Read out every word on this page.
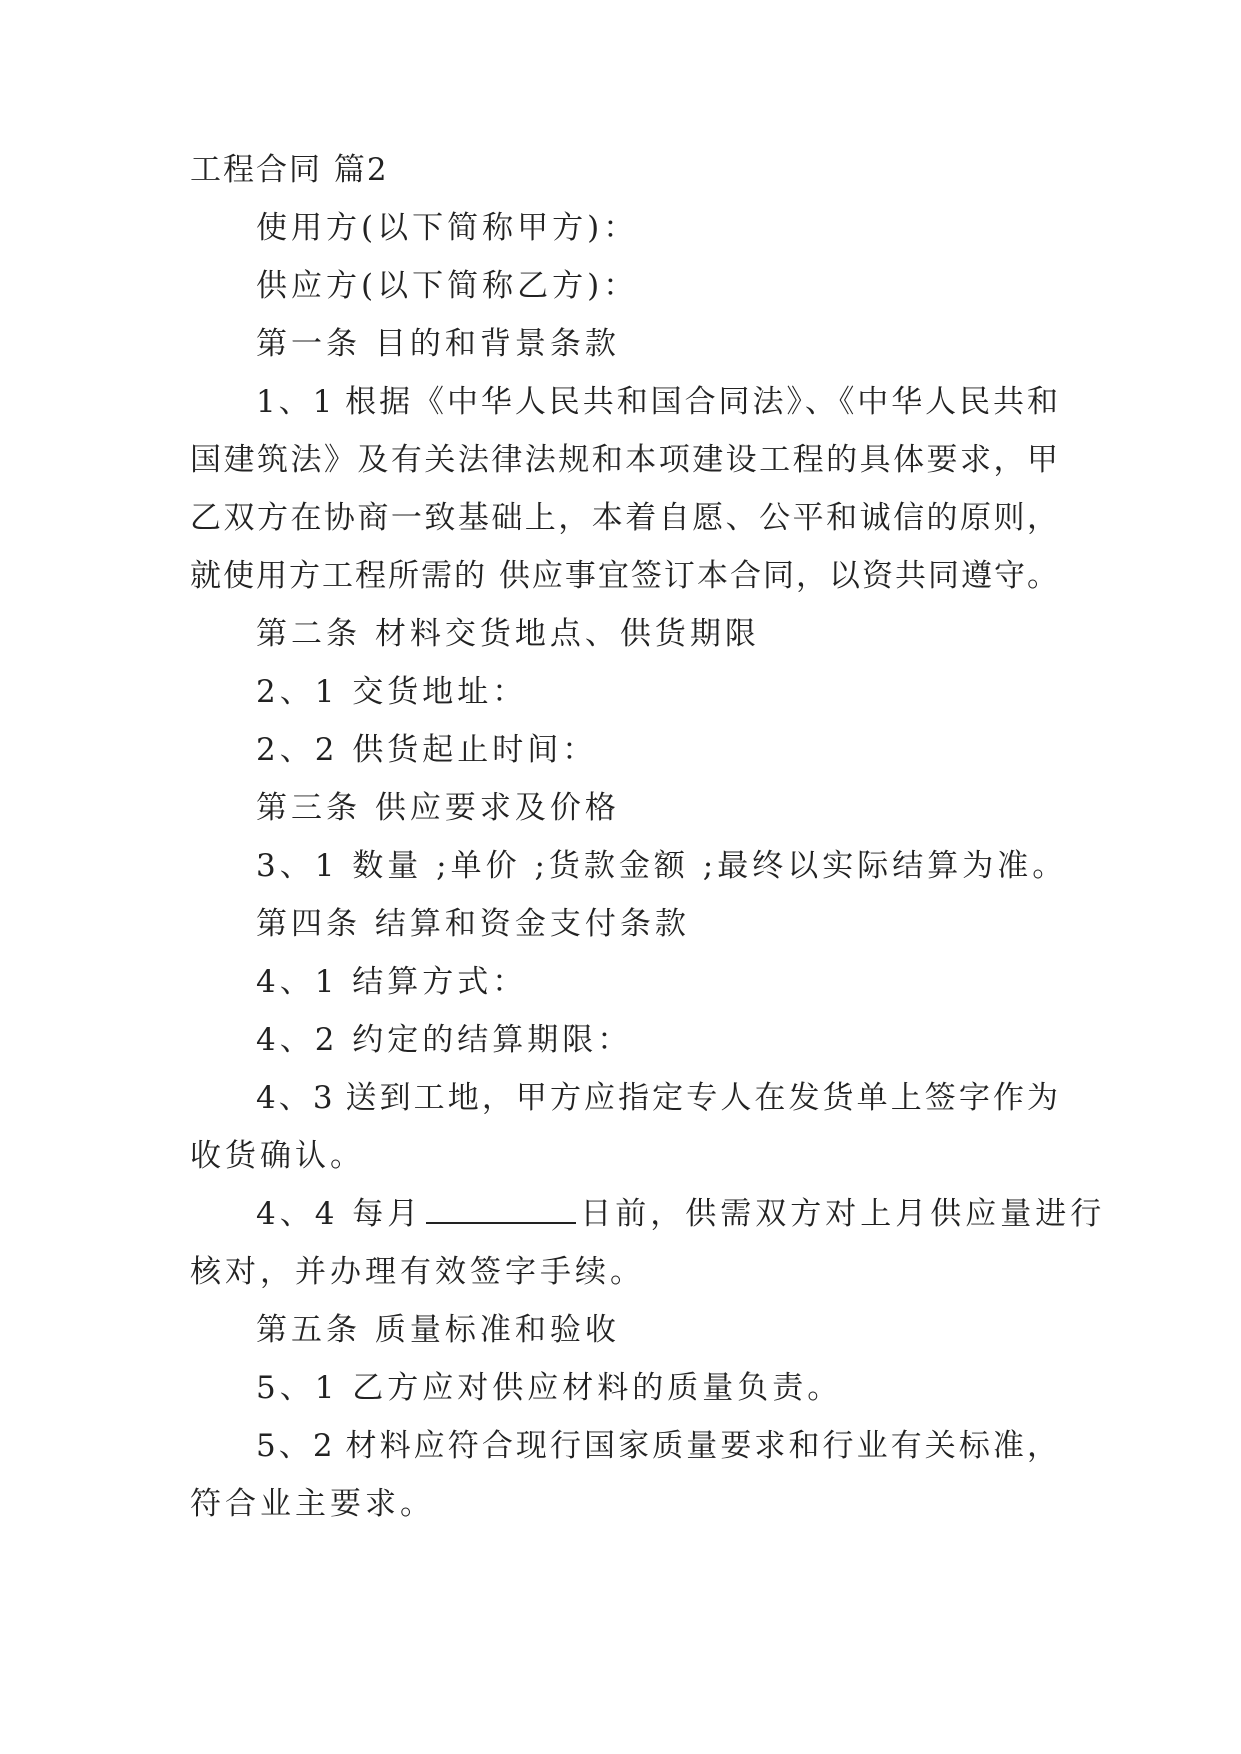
工程合同 篇2
使用方(以下简称甲方)：
供应方(以下简称乙方)：
第一条 目的和背景条款
1、1 根据《中华人民共和国合同法》、《中华人民共和
国建筑法》及有关法律法规和本项建设工程的具体要求，甲
乙双方在协商一致基础上，本着自愿、公平和诚信的原则，
就使用方工程所需的 供应事宜签订本合同，以资共同遵守。
第二条 材料交货地点、供货期限
2、1 交货地址：
2、2 供货起止时间：
第三条 供应要求及价格
3、1 数量 ;单价 ;货款金额 ;最终以实际结算为准。
第四条 结算和资金支付条款
4、1 结算方式：
4、2 约定的结算期限：
4、3 送到工地，甲方应指定专人在发货单上签字作为
收货确认。
4、4 每月	日前，供需双方对上月供应量进行
核对，并办理有效签字手续。
第五条 质量标准和验收
5、1 乙方应对供应材料的质量负责。
5、2 材料应符合现行国家质量要求和行业有关标准，
符合业主要求。
